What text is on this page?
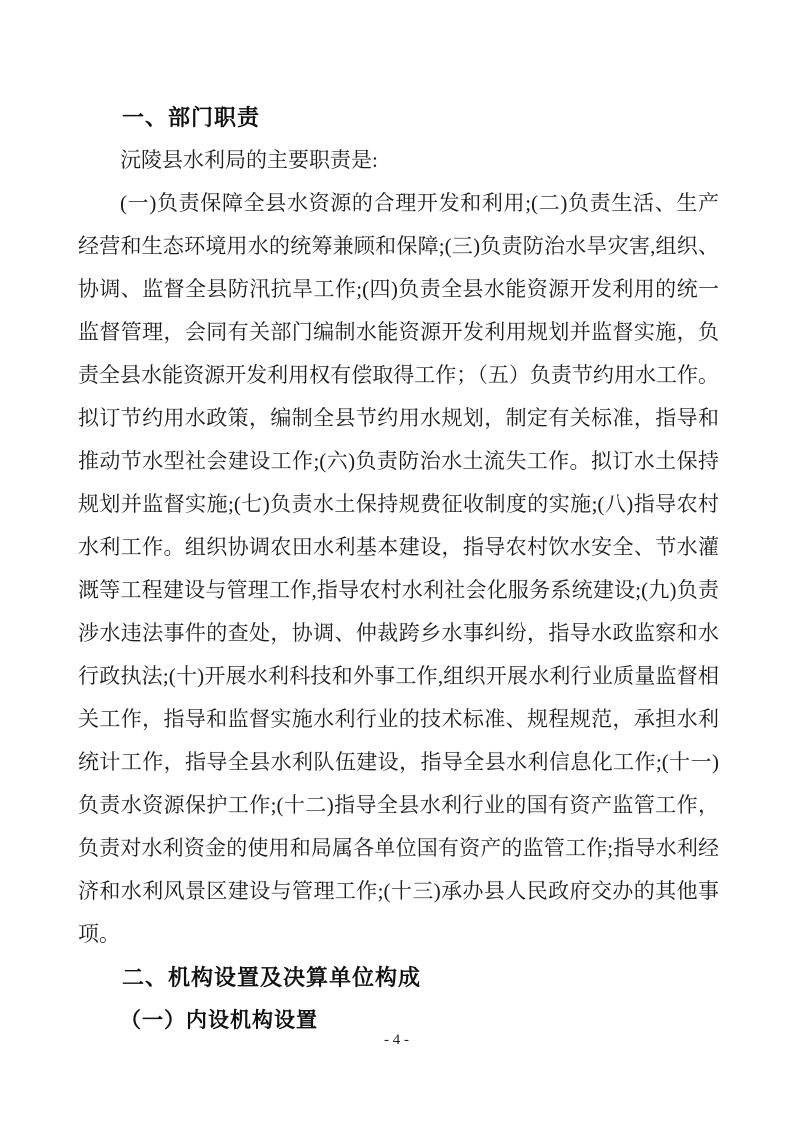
一、部门职责

沅陵县水利局的主要职责是:

(一)负责保障全县水资源的合理开发和利用;(二)负责生活、生产经营和生态环境用水的统筹兼顾和保障;(三)负责防治水旱灾害,组织、协调、监督全县防汛抗旱工作;(四)负责全县水能资源开发利用的统一监督管理，会同有关部门编制水能资源开发利用规划并监督实施，负责全县水能资源开发利用权有偿取得工作；（五）负责节约用水工作。拟订节约用水政策，编制全县节约用水规划，制定有关标准，指导和推动节水型社会建设工作;(六)负责防治水土流失工作。拟订水土保持规划并监督实施;(七)负责水土保持规费征收制度的实施;(八)指导农村水利工作。组织协调农田水利基本建设，指导农村饮水安全、节水灌溉等工程建设与管理工作,指导农村水利社会化服务系统建设;(九)负责涉水违法事件的查处，协调、仲裁跨乡水事纠纷，指导水政监察和水行政执法;(十)开展水利科技和外事工作,组织开展水利行业质量监督相关工作，指导和监督实施水利行业的技术标准、规程规范，承担水利统计工作，指导全县水利队伍建设，指导全县水利信息化工作;(十一)负责水资源保护工作;(十二)指导全县水利行业的国有资产监管工作，负责对水利资金的使用和局属各单位国有资产的监管工作;指导水利经济和水利风景区建设与管理工作;(十三)承办县人民政府交办的其他事项。

二、机构设置及决算单位构成
（一）内设机构设置
- 4 -
